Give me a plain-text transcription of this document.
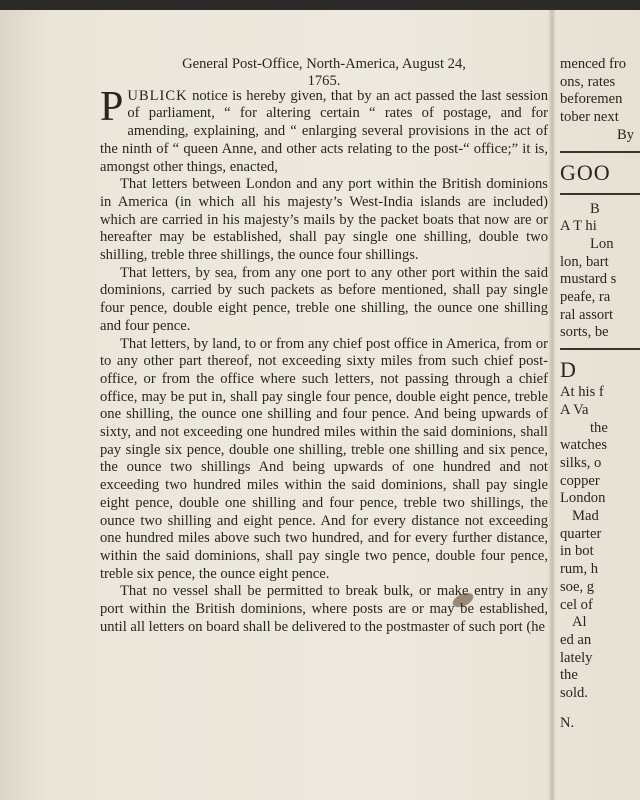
General Post-Office, North-America, August 24,

1765.

PUBLICK notice is hereby given, that by an act passed the last session of parliament, “ for altering certain “ rates of postage, and for amending, explaining, and “ enlarging several provisions in the act of the ninth of “ queen Anne, and other acts relating to the post-“ office;” it is, amongst other things, enacted,

That letters between London and any port within the British dominions in America (in which all his majesty’s West-India islands are included) which are carried in his majesty’s mails by the packet boats that now are or hereafter may be established, shall pay single one shilling, double two shilling, treble three shillings, the ounce four shillings.

That letters, by sea, from any one port to any other port within the said dominions, carried by such packets as before mentioned, shall pay single four pence, double eight pence, treble one shilling, the ounce one shilling and four pence.

That letters, by land, to or from any chief post office in America, from or to any other part thereof, not exceeding sixty miles from such chief post-office, or from the office where such letters, not passing through a chief office, may be put in, shall pay single four pence, double eight pence, treble one shilling, the ounce one shilling and four pence. And being upwards of sixty, and not exceeding one hundred miles within the said dominions, shall pay single six pence, double one shilling, treble one shilling and six pence, the ounce two shillings And being upwards of one hundred and not exceeding two hundred miles within the said dominions, shall pay single eight pence, double one shilling and four pence, treble two shillings, the ounce two shilling and eight pence. And for every distance not exceeding one hundred miles above such two hundred, and for every further distance, within the said dominions, shall pay single two pence, double four pence, treble six pence, the ounce eight pence.

That no vessel shall be permitted to break bulk, or make entry in any port within the British dominions, where posts are or may be established, until all letters on board shall be delivered to the postmaster of such port (he

menced fro
ons, rates
beforemen
tober next
By
GOO
B
A T hi
Lon
lon, bart
mustard s
peafe, ra
ral assort
sorts, be
D
At his f
A Va
the
watches
silks, o
copper
London
Mad
quarter
in bot
rum, h
soe, g
cel of
Al
ed an
lately
the
sold.
N.
